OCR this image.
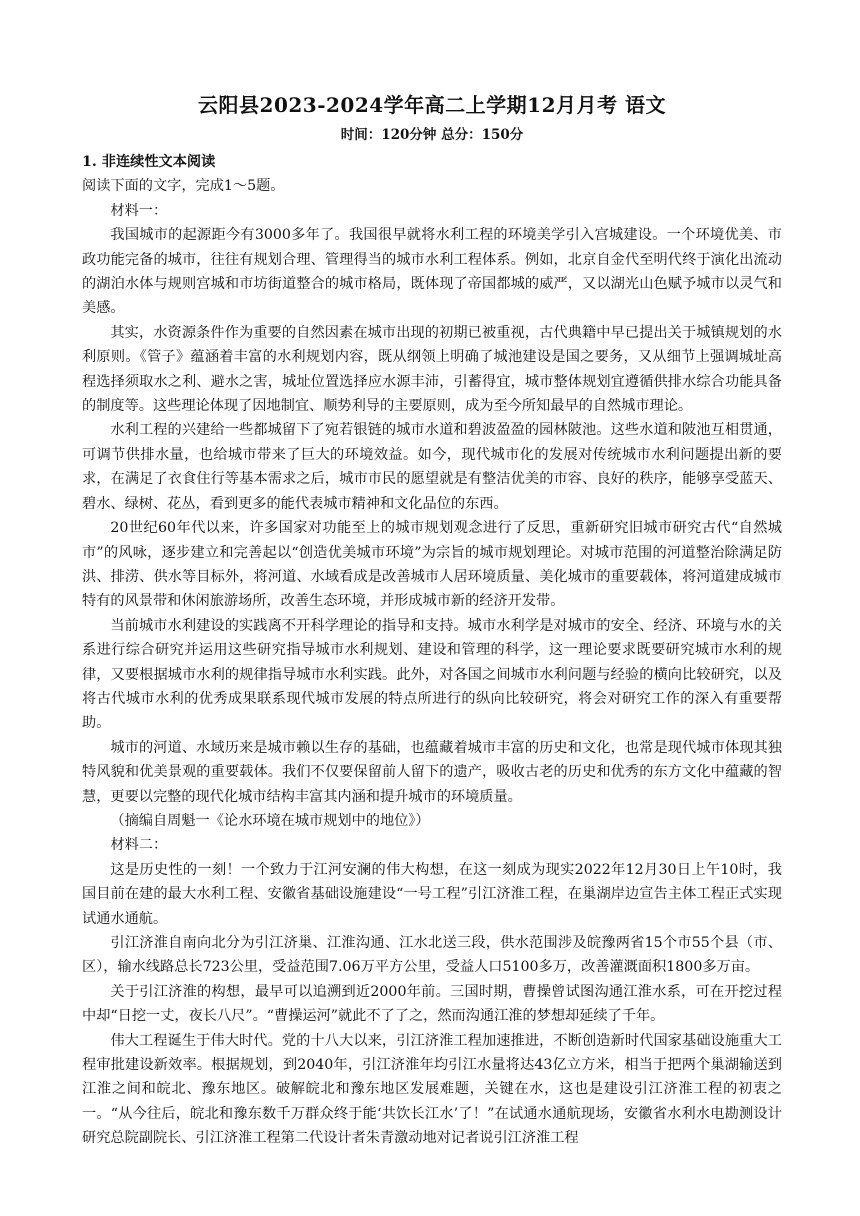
云阳县2023-2024学年高二上学期12月月考 语文
时间：120分钟 总分：150分

1. 非连续性文本阅读

阅读下面的文字，完成1～5题。

材料一：

我国城市的起源距今有3000多年了。我国很早就将水利工程的环境美学引入宫城建设。一个环境优美、市政功能完备的城市，往往有规划合理、管理得当的城市水利工程体系。例如，北京自金代至明代终于演化出流动的湖泊水体与规则宫城和市坊街道整合的城市格局，既体现了帝国都城的威严，又以湖光山色赋予城市以灵气和美感。

其实，水资源条件作为重要的自然因素在城市出现的初期已被重视，古代典籍中早已提出关于城镇规划的水利原则。《管子》蕴涵着丰富的水利规划内容，既从纲领上明确了城池建设是国之要务，又从细节上强调城址高程选择须取水之利、避水之害，城址位置选择应水源丰沛，引蓄得宜，城市整体规划宜遵循供排水综合功能具备的制度等。这些理论体现了因地制宜、顺势利导的主要原则，成为至今所知最早的自然城市理论。

水利工程的兴建给一些都城留下了宛若银链的城市水道和碧波盈盈的园林陂池。这些水道和陂池互相贯通，可调节供排水量，也给城市带来了巨大的环境效益。如今，现代城市化的发展对传统城市水利问题提出新的要求，在满足了衣食住行等基本需求之后，城市市民的愿望就是有整洁优美的市容、良好的秩序，能够享受蓝天、碧水、绿树、花丛，看到更多的能代表城市精神和文化品位的东西。

20世纪60年代以来，许多国家对功能至上的城市规划观念进行了反思，重新研究旧城市研究古代“自然城市”的风咏，逐步建立和完善起以“创造优美城市环境”为宗旨的城市规划理论。对城市范围的河道整治除满足防洪、排涝、供水等目标外，将河道、水域看成是改善城市人居环境质量、美化城市的重要载体，将河道建成城市特有的风景带和休闲旅游场所，改善生态环境，并形成城市新的经济开发带。

当前城市水利建设的实践离不开科学理论的指导和支持。城市水利学是对城市的安全、经济、环境与水的关系进行综合研究并运用这些研究指导城市水利规划、建设和管理的科学，这一理论要求既要研究城市水利的规律，又要根据城市水利的规律指导城市水利实践。此外，对各国之间城市水利问题与经验的横向比较研究，以及将古代城市水利的优秀成果联系现代城市发展的特点所进行的纵向比较研究，将会对研究工作的深入有重要帮助。

城市的河道、水域历来是城市赖以生存的基础，也蕴藏着城市丰富的历史和文化，也常是现代城市体现其独特风貌和优美景观的重要载体。我们不仅要保留前人留下的遗产，吸收古老的历史和优秀的东方文化中蕴藏的智慧，更要以完整的现代化城市结构丰富其内涵和提升城市的环境质量。

（摘编自周魁一《论水环境在城市规划中的地位》）

材料二：

这是历史性的一刻！一个致力于江河安澜的伟大构想，在这一刻成为现实2022年12月30日上午10时，我国目前在建的最大水利工程、安徽省基础设施建设“一号工程”引江济淮工程，在巢湖岸边宣告主体工程正式实现试通水通航。

引江济淮自南向北分为引江济巢、江淮沟通、江水北送三段，供水范围涉及皖豫两省15个市55个县（市、区），输水线路总长723公里，受益范围7.06万平方公里，受益人口5100多万，改善灌溉面积1800多万亩。

关于引江济淮的构想，最早可以追溯到近2000年前。三国时期，曹操曾试图沟通江淮水系，可在开挖过程中却“日挖一丈，夜长八尺”。“曹操运河”就此不了了之，然而沟通江淮的梦想却延续了千年。

伟大工程诞生于伟大时代。党的十八大以来，引江济淮工程加速推进，不断创造新时代国家基础设施重大工程审批建设新效率。根据规划，到2040年，引江济淮年均引江水量将达43亿立方米，相当于把两个巢湖输送到江淮之间和皖北、豫东地区。破解皖北和豫东地区发展难题，关键在水，这也是建设引江济淮工程的初衷之一。“从今往后，皖北和豫东数千万群众终于能‘共饮长江水’了！”在试通水通航现场，安徽省水利水电勘测设计研究总院副院长、引江济淮工程第二代设计者朱青激动地对记者说引江济淮工程
